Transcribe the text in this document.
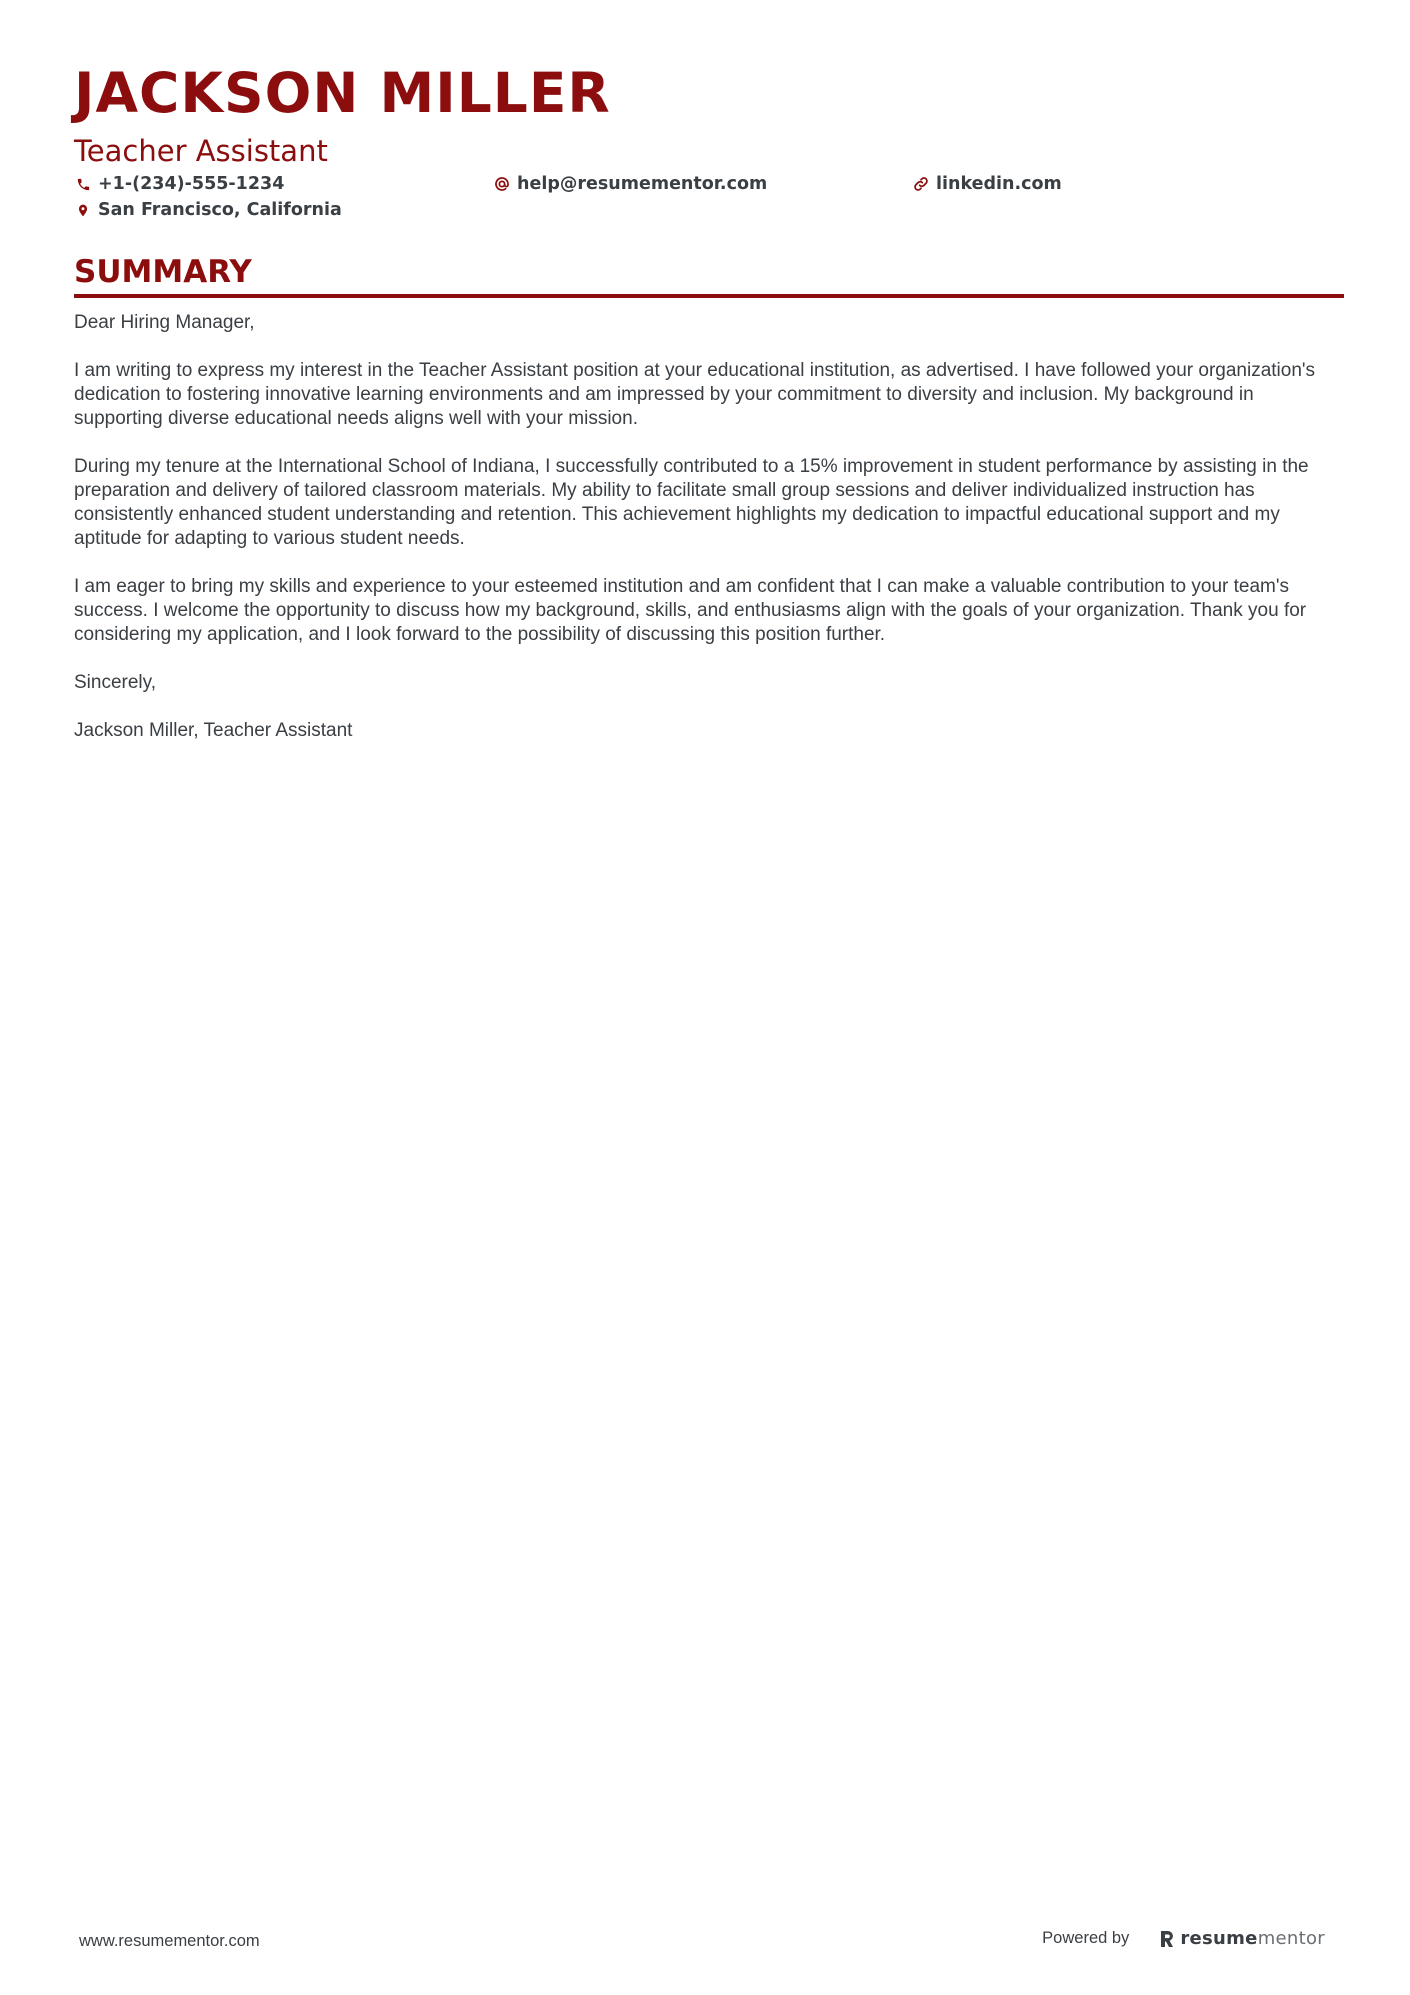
JACKSON MILLER
Teacher Assistant
+1-(234)-555-1234	help@resumementor.com	linkedin.com
San Francisco, California
SUMMARY

Dear Hiring Manager,

I am writing to express my interest in the Teacher Assistant position at your educational institution, as advertised. I have followed your organization's dedication to fostering innovative learning environments and am impressed by your commitment to diversity and inclusion. My background in supporting diverse educational needs aligns well with your mission.

During my tenure at the International School of Indiana, I successfully contributed to a 15% improvement in student performance by assisting in the preparation and delivery of tailored classroom materials. My ability to facilitate small group sessions and deliver individualized instruction has consistently enhanced student understanding and retention. This achievement highlights my dedication to impactful educational support and my aptitude for adapting to various student needs.

I am eager to bring my skills and experience to your esteemed institution and am confident that I can make a valuable contribution to your team's success. I welcome the opportunity to discuss how my background, skills, and enthusiasms align with the goals of your organization. Thank you for considering my application, and I look forward to the possibility of discussing this position further.

Sincerely,

Jackson Miller, Teacher Assistant

www.resumementor.com	Powered by	resume mentor
